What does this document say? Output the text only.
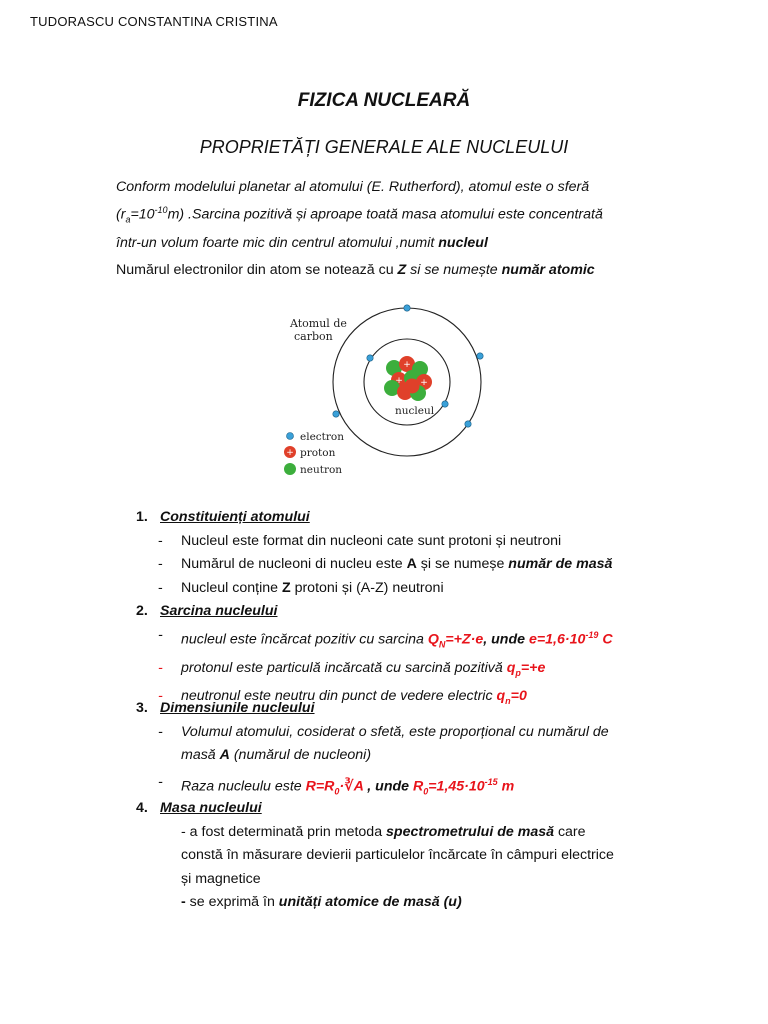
TUDORASCU CONSTANTINA CRISTINA
FIZICA NUCLEARĂ
PROPRIETĂȚI GENERALE ALE NUCLEULUI
Conform modelului planetar al atomului (E. Rutherford), atomul este o sferă
$(r_a=10^{-10}m)$ .Sarcina pozitivă și aproape toată masa atomului este concentrată
într-un volum foarte mic din centrul atomului ,numit nucleul
Numărul electronilor din atom se notează cu Z si se numește număr atomic
+
+ +
Atomul de
carbon
nucleul
electron
+ proton
neutron
1. Constituienți atomului
- Nucleul este format din nucleoni cate sunt protoni și neutroni
- Numărul de nucleoni di nucleu este A și se numeșe număr de masă
- Nucleul conține Z protoni și (A-Z) neutroni
2. Sarcina nucleului
- nucleul este încărcat pozitiv cu sarcina $Q_N=+Z\cdot e$, unde $e=1,6\cdot 10^{-19}$ C
- protonul este particulă incărcată cu sarcină pozitivă $q_p=+e$
- neutronul este neutru din punct de vedere electric $q_n=0$
3. Dimensiunile nucleului
- Volumul atomului, cosiderat o sfetă, este proporțional cu numărul de
masă A (numărul de nucleoni)
- Raza nucleulu este $R=R_0\cdot∛A$ , unde $R_0=1,45\cdot 10^{-15}$ m
4. Masa nucleului
- a fost determinată prin metoda spectrometrului de masă care
constă în măsurare devierii particulelor încărcate în câmpuri electrice
și magnetice
- se exprimă în unități atomice de masă (u)
